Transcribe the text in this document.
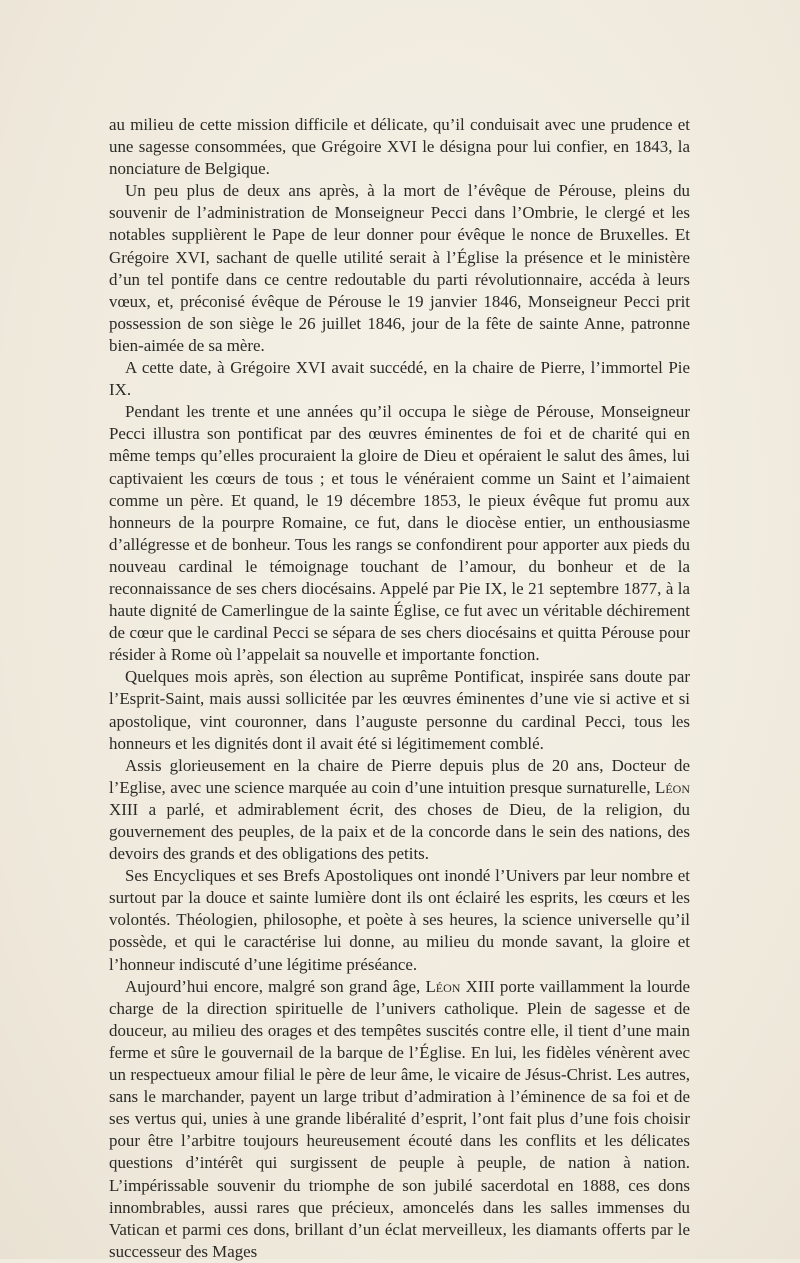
au milieu de cette mission difficile et délicate, qu’il conduisait avec une prudence et une sagesse consommées, que Grégoire XVI le désigna pour lui confier, en 1843, la nonciature de Belgique.

Un peu plus de deux ans après, à la mort de l’évêque de Pérouse, pleins du souvenir de l’administration de Monseigneur Pecci dans l’Ombrie, le clergé et les notables supplièrent le Pape de leur donner pour évêque le nonce de Bruxelles. Et Grégoire XVI, sachant de quelle utilité serait à l’Église la présence et le ministère d’un tel pontife dans ce centre redoutable du parti révolutionnaire, accéda à leurs vœux, et, préconisé évêque de Pérouse le 19 janvier 1846, Monseigneur Pecci prit possession de son siège le 26 juillet 1846, jour de la fête de sainte Anne, patronne bien-aimée de sa mère.

A cette date, à Grégoire XVI avait succédé, en la chaire de Pierre, l’immortel Pie IX.

Pendant les trente et une années qu’il occupa le siège de Pérouse, Monseigneur Pecci illustra son pontificat par des œuvres éminentes de foi et de charité qui en même temps qu’elles procuraient la gloire de Dieu et opéraient le salut des âmes, lui captivaient les cœurs de tous ; et tous le vénéraient comme un Saint et l’aimaient comme un père. Et quand, le 19 décembre 1853, le pieux évêque fut promu aux honneurs de la pourpre Romaine, ce fut, dans le diocèse entier, un enthousiasme d’allégresse et de bonheur. Tous les rangs se confondirent pour apporter aux pieds du nouveau cardinal le témoignage touchant de l’amour, du bonheur et de la reconnaissance de ses chers diocésains. Appelé par Pie IX, le 21 septembre 1877, à la haute dignité de Camerlingue de la sainte Église, ce fut avec un véritable déchirement de cœur que le cardinal Pecci se sépara de ses chers diocésains et quitta Pérouse pour résider à Rome où l’appelait sa nouvelle et importante fonction.

Quelques mois après, son élection au suprême Pontificat, inspirée sans doute par l’Esprit-Saint, mais aussi sollicitée par les œuvres éminentes d’une vie si active et si apostolique, vint couronner, dans l’auguste personne du cardinal Pecci, tous les honneurs et les dignités dont il avait été si légitimement comblé.

Assis glorieusement en la chaire de Pierre depuis plus de 20 ans, Docteur de l’Eglise, avec une science marquée au coin d’une intuition presque surnaturelle, Léon XIII a parlé, et admirablement écrit, des choses de Dieu, de la religion, du gouvernement des peuples, de la paix et de la concorde dans le sein des nations, des devoirs des grands et des obligations des petits.

Ses Encycliques et ses Brefs Apostoliques ont inondé l’Univers par leur nombre et surtout par la douce et sainte lumière dont ils ont éclairé les esprits, les cœurs et les volontés. Théologien, philosophe, et poète à ses heures, la science universelle qu’il possède, et qui le caractérise lui donne, au milieu du monde savant, la gloire et l’honneur indiscuté d’une légitime préséance.

Aujourd’hui encore, malgré son grand âge, Léon XIII porte vaillamment la lourde charge de la direction spirituelle de l’univers catholique. Plein de sagesse et de douceur, au milieu des orages et des tempêtes suscités contre elle, il tient d’une main ferme et sûre le gouvernail de la barque de l’Église. En lui, les fidèles vénèrent avec un respectueux amour filial le père de leur âme, le vicaire de Jésus-Christ. Les autres, sans le marchander, payent un large tribut d’admiration à l’éminence de sa foi et de ses vertus qui, unies à une grande libéralité d’esprit, l’ont fait plus d’une fois choisir pour être l’arbitre toujours heureusement écouté dans les conflits et les délicates questions d’intérêt qui surgissent de peuple à peuple, de nation à nation. L’impérissable souvenir du triomphe de son jubilé sacerdotal en 1888, ces dons innombrables, aussi rares que précieux, amoncelés dans les salles immenses du Vatican et parmi ces dons, brillant d’un éclat merveilleux, les diamants offerts par le successeur des Mages
